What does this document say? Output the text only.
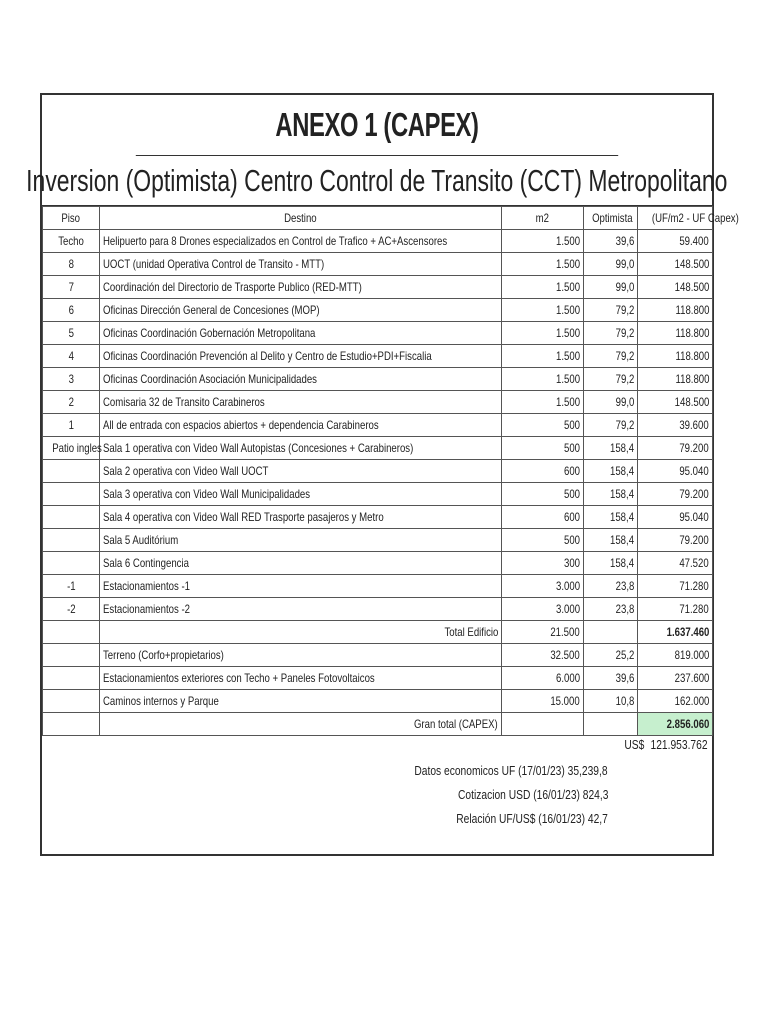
ANEXO 1 (CAPEX)
Inversion (Optimista) Centro Control de Transito (CCT) Metropolitano
Piso	Destino	m2	Optimista	(UF/m2 - UF Capex)
Techo	Helipuerto para 8 Drones especializados en Control de Trafico + AC+Ascensores	1.500	39,6	59.400
8	UOCT (unidad Operativa Control de Transito - MTT)	1.500	99,0	148.500
7	Coordinación del Directorio de Trasporte Publico (RED-MTT)	1.500	99,0	148.500
6	Oficinas Dirección General de Concesiones (MOP)	1.500	79,2	118.800
5	Oficinas Coordinación Gobernación Metropolitana	1.500	79,2	118.800
4	Oficinas Coordinación Prevención al Delito y Centro de Estudio+PDI+Fiscalia	1.500	79,2	118.800
3	Oficinas Coordinación Asociación Municipalidades	1.500	79,2	118.800
2	Comisaria 32 de Transito Carabineros	1.500	99,0	148.500
1	All de entrada con espacios abiertos + dependencia Carabineros	500	79,2	39.600
Patio ingles	Sala 1 operativa con Video Wall Autopistas (Concesiones + Carabineros)	500	158,4	79.200
	Sala 2 operativa con Video Wall UOCT	600	158,4	95.040
	Sala 3 operativa con Video Wall Municipalidades	500	158,4	79.200
	Sala 4 operativa con Video Wall RED Trasporte pasajeros y Metro	600	158,4	95.040
	Sala 5 Auditórium	500	158,4	79.200
	Sala 6 Contingencia	300	158,4	47.520
-1	Estacionamientos -1	3.000	23,8	71.280
-2	Estacionamientos -2	3.000	23,8	71.280
	Total Edificio	21.500		1.637.460
	Terreno (Corfo+propietarios)	32.500	25,2	819.000
	Estacionamientos exteriores con Techo + Paneles Fotovoltaicos	6.000	39,6	237.600
	Caminos internos y Parque	15.000	10,8	162.000
	Gran total (CAPEX)			2.856.060
US$ 121.953.762
Datos economicos UF (17/01/23) 35,239,8
Cotizacion USD (16/01/23) 824,3
Relación UF/US$ (16/01/23) 42,7
